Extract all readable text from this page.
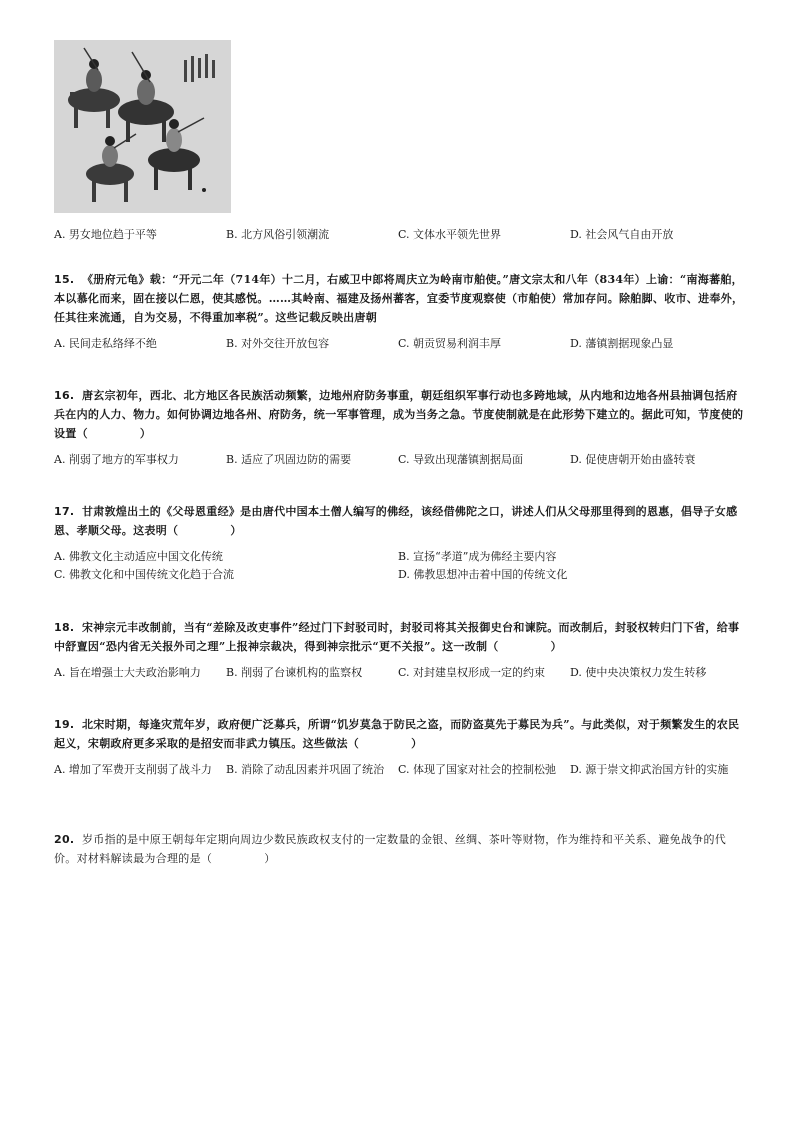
A. 男女地位趋于平等	B. 北方风俗引领潮流	C. 文体水平领先世界	D. 社会风气自由开放
15. 《册府元龟》载：“开元二年（714年）十二月，右威卫中郎将周庆立为岭南市舶使。”唐文宗太和八年（834年）上谕：“南海蕃舶，本以慕化而来，固在接以仁恩，使其感悦。……其岭南、福建及扬州蕃客，宜委节度观察使（市舶使）常加存问。除舶脚、收市、进奉外，任其往来流通，自为交易，不得重加率税”。这些记载反映出唐朝
A. 民间走私络绎不绝	B. 对外交往开放包容	C. 朝贡贸易利润丰厚	D. 藩镇割据现象凸显
16. 唐玄宗初年，西北、北方地区各民族活动频繁，边地州府防务事重，朝廷组织军事行动也多跨地域，从内地和边地各州县抽调包括府兵在内的人力、物力。如何协调边地各州、府防务，统一军事管理，成为当务之急。节度使制就是在此形势下建立的。据此可知，节度使的设置（	）
A. 削弱了地方的军事权力	B. 适应了巩固边防的需要	C. 导致出现藩镇割据局面	D. 促使唐朝开始由盛转衰
17. 甘肃敦煌出土的《父母恩重经》是由唐代中国本土僧人编写的佛经，该经借佛陀之口，讲述人们从父母那里得到的恩惠，倡导子女感恩、孝顺父母。这表明（	）
A. 佛教文化主动适应中国文化传统	B. 宣扬“孝道”成为佛经主要内容
C. 佛教文化和中国传统文化趋于合流	D. 佛教思想冲击着中国的传统文化
18. 宋神宗元丰改制前，当有“差除及改吏事件”经过门下封驳司时，封驳司将其关报御史台和谏院。而改制后，封驳权转归门下省，给事中舒亶因“恐内省无关报外司之理”上报神宗裁决，得到神宗批示“更不关报”。这一改制（	）
A. 旨在增强士大夫政治影响力 B. 削弱了台谏机构的监察权	C. 对封建皇权形成一定的约束 D. 使中央决策权力发生转移
19. 北宋时期，每逢灾荒年岁，政府便广泛募兵，所谓“饥岁莫急于防民之盗，而防盗莫先于募民为兵”。与此类似，对于频繁发生的农民起义，宋朝政府更多采取的是招安而非武力镇压。这些做法（	）
A. 增加了军费开支削弱了战斗力 B. 消除了动乱因素并巩固了统治 C. 体现了国家对社会的控制松弛 D. 源于崇文抑武治国方针的实施
20. 岁币指的是中原王朝每年定期向周边少数民族政权支付的一定数量的金银、丝绸、茶叶等财物，作为维持和平关系、避免战争的代价。对材料解读最为合理的是（	）
